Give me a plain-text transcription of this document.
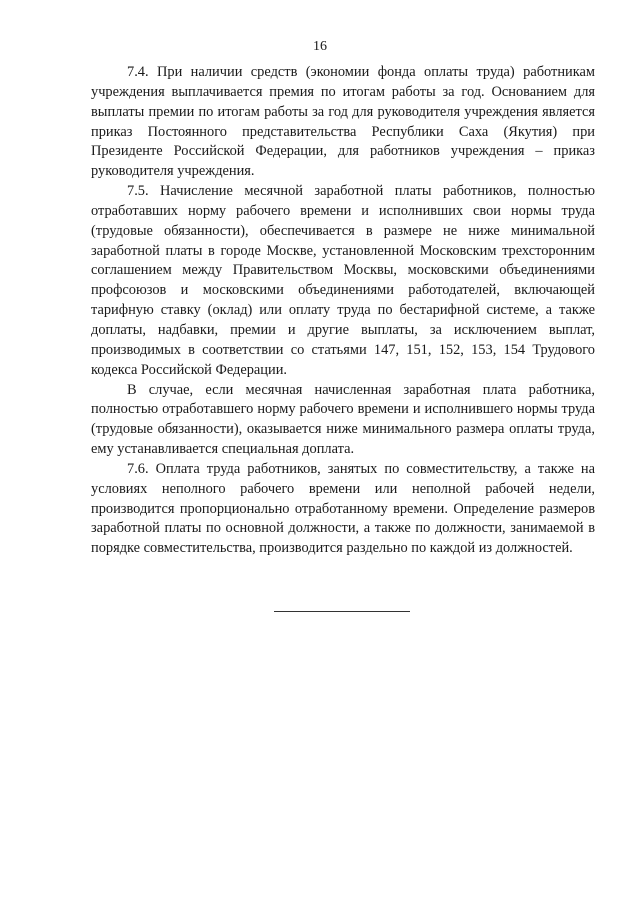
16

7.4. При наличии средств (экономии фонда оплаты труда) работникам учреждения выплачивается премия по итогам работы за год. Основанием для выплаты премии по итогам работы за год для руководителя учреждения является приказ Постоянного представительства Республики Саха (Якутия) при Президенте Российской Федерации, для работников учреждения – приказ руководителя учреждения.

7.5. Начисление месячной заработной платы работников, полностью отработавших норму рабочего времени и исполнивших свои нормы труда (трудовые обязанности), обеспечивается в размере не ниже минимальной заработной платы в городе Москве, установленной Московским трехсторонним соглашением между Правительством Москвы, московскими объединениями профсоюзов и московскими объединениями работодателей, включающей тарифную ставку (оклад) или оплату труда по бестарифной системе, а также доплаты, надбавки, премии и другие выплаты, за исключением выплат, производимых в соответствии со статьями 147, 151, 152, 153, 154 Трудового кодекса Российской Федерации.

В случае, если месячная начисленная заработная плата работника, полностью отработавшего норму рабочего времени и исполнившего нормы труда (трудовые обязанности), оказывается ниже минимального размера оплаты труда, ему устанавливается специальная доплата.

7.6. Оплата труда работников, занятых по совместительству, а также на условиях неполного рабочего времени или неполной рабочей недели, производится пропорционально отработанному времени. Определение размеров заработной платы по основной должности, а также по должности, занимаемой в порядке совместительства, производится раздельно по каждой из должностей.
